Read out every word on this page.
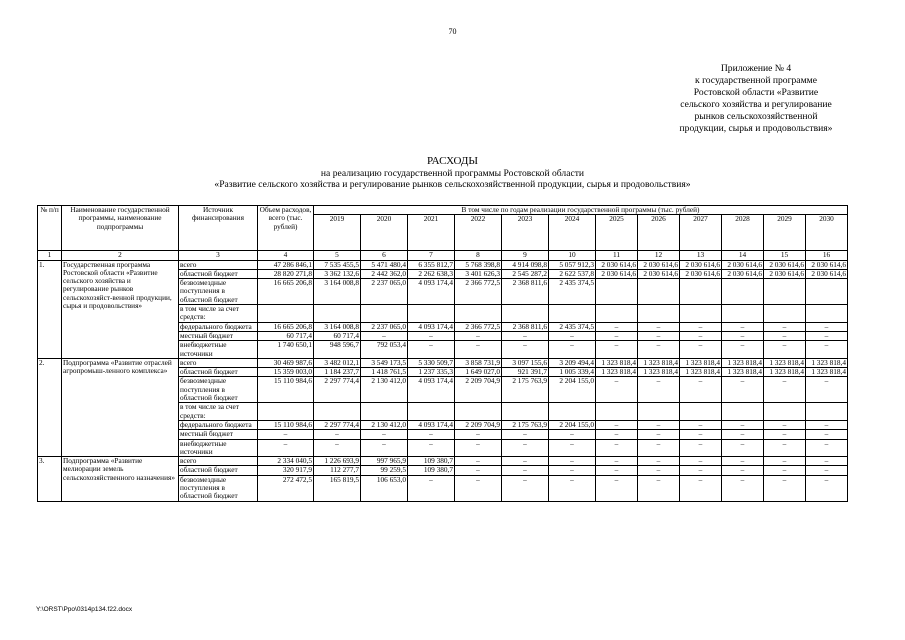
70
Приложение № 4
к государственной программе
Ростовской области «Развитие
сельского хозяйства и регулирование
рынков сельскохозяйственной
продукции, сырья и продовольствия»
РАСХОДЫ
на реализацию государственной программы Ростовской области
«Развитие сельского хозяйства и регулирование рынков сельскохозяйственной продукции, сырья и продовольствия»
№ п/п	Наименование государственной программы, наименование подпрограммы	Источник финансирования	Объем расходов, всего (тыс. рублей)	В том числе по годам реализации государственной программы (тыс. рублей)											
				2019	2020	2021	2022	2023	2024	2025	2026	2027	2028	2029	2030
1	2	3	4	5	6	7	8	9	10	11	12	13	14	15	16
1.	Государственная программа Ростовской области «Развитие сельского хозяйства и регулирование рынков сельскохозяйст-венной продукции, сырья и продовольствия»	всего	47 286 846,1	7 535 455,5	5 471 480,4	6 355 812,7	5 768 398,8	4 914 098,8	5 057 912,3	2 030 614,6	2 030 614,6	2 030 614,6	2 030 614,6	2 030 614,6	2 030 614,6
		областной бюджет	28 820 271,8	3 362 132,6	2 442 362,0	2 262 638,3	3 401 626,3	2 545 287,2	2 622 537,8	2 030 614,6	2 030 614,6	2 030 614,6	2 030 614,6	2 030 614,6	2 030 614,6
		безвозмездные поступления в областной бюджет	16 665 206,8	3 164 008,8	2 237 065,0	4 093 174,4	2 366 772,5	2 368 811,6	2 435 374,5						
		в том числе за счет средств:													
		федерального бюджета	16 665 206,8	3 164 008,8	2 237 065,0	4 093 174,4	2 366 772,5	2 368 811,6	2 435 374,5	–	–	–	–	–	–
		местный бюджет	60 717,4	60 717,4	–	–	–	–	–	–	–	–	–	–	–
		внебюджетные источники	1 740 650,1	948 596,7	792 053,4	–	–	–	–	–	–	–	–	–	–
2.	Подпрограмма «Развитие отраслей агропромыш-ленного комплекса»	всего	30 469 987,6	3 482 012,1	3 549 173,5	5 330 509,7	3 858 731,9	3 097 155,6	3 209 494,4	1 323 818,4	1 323 818,4	1 323 818,4	1 323 818,4	1 323 818,4	1 323 818,4
		областной бюджет	15 359 003,0	1 184 237,7	1 418 761,5	1 237 335,3	1 649 027,0	921 391,7	1 005 339,4	1 323 818,4	1 323 818,4	1 323 818,4	1 323 818,4	1 323 818,4	1 323 818,4
		безвозмездные поступления в областной бюджет	15 110 984,6	2 297 774,4	2 130 412,0	4 093 174,4	2 209 704,9	2 175 763,9	2 204 155,0	–	–	–	–	–	–
		в том числе за счет средств:													
		федерального бюджета	15 110 984,6	2 297 774,4	2 130 412,0	4 093 174,4	2 209 704,9	2 175 763,9	2 204 155,0	–	–	–	–	–	–
		местный бюджет	–	–	–	–	–	–	–	–	–	–	–	–	–
		внебюджетные источники	–	–	–	–	–	–	–	–	–	–	–	–	–
3.	Подпрограмма «Развитие мелиорации земель сельскохозяйственного назначения»	всего	2 334 040,5	1 226 693,9	997 965,9	109 380,7	–	–	–	–	–	–	–	–	–
		областной бюджет	320 917,9	112 277,7	99 259,5	109 380,7	–	–	–	–	–	–	–	–	–
		безвозмездные поступления в областной бюджет	272 472,5	165 819,5	106 653,0	–	–	–	–	–	–	–	–	–	–
Y:\ORST\Ppo\0314p134.f22.docx
